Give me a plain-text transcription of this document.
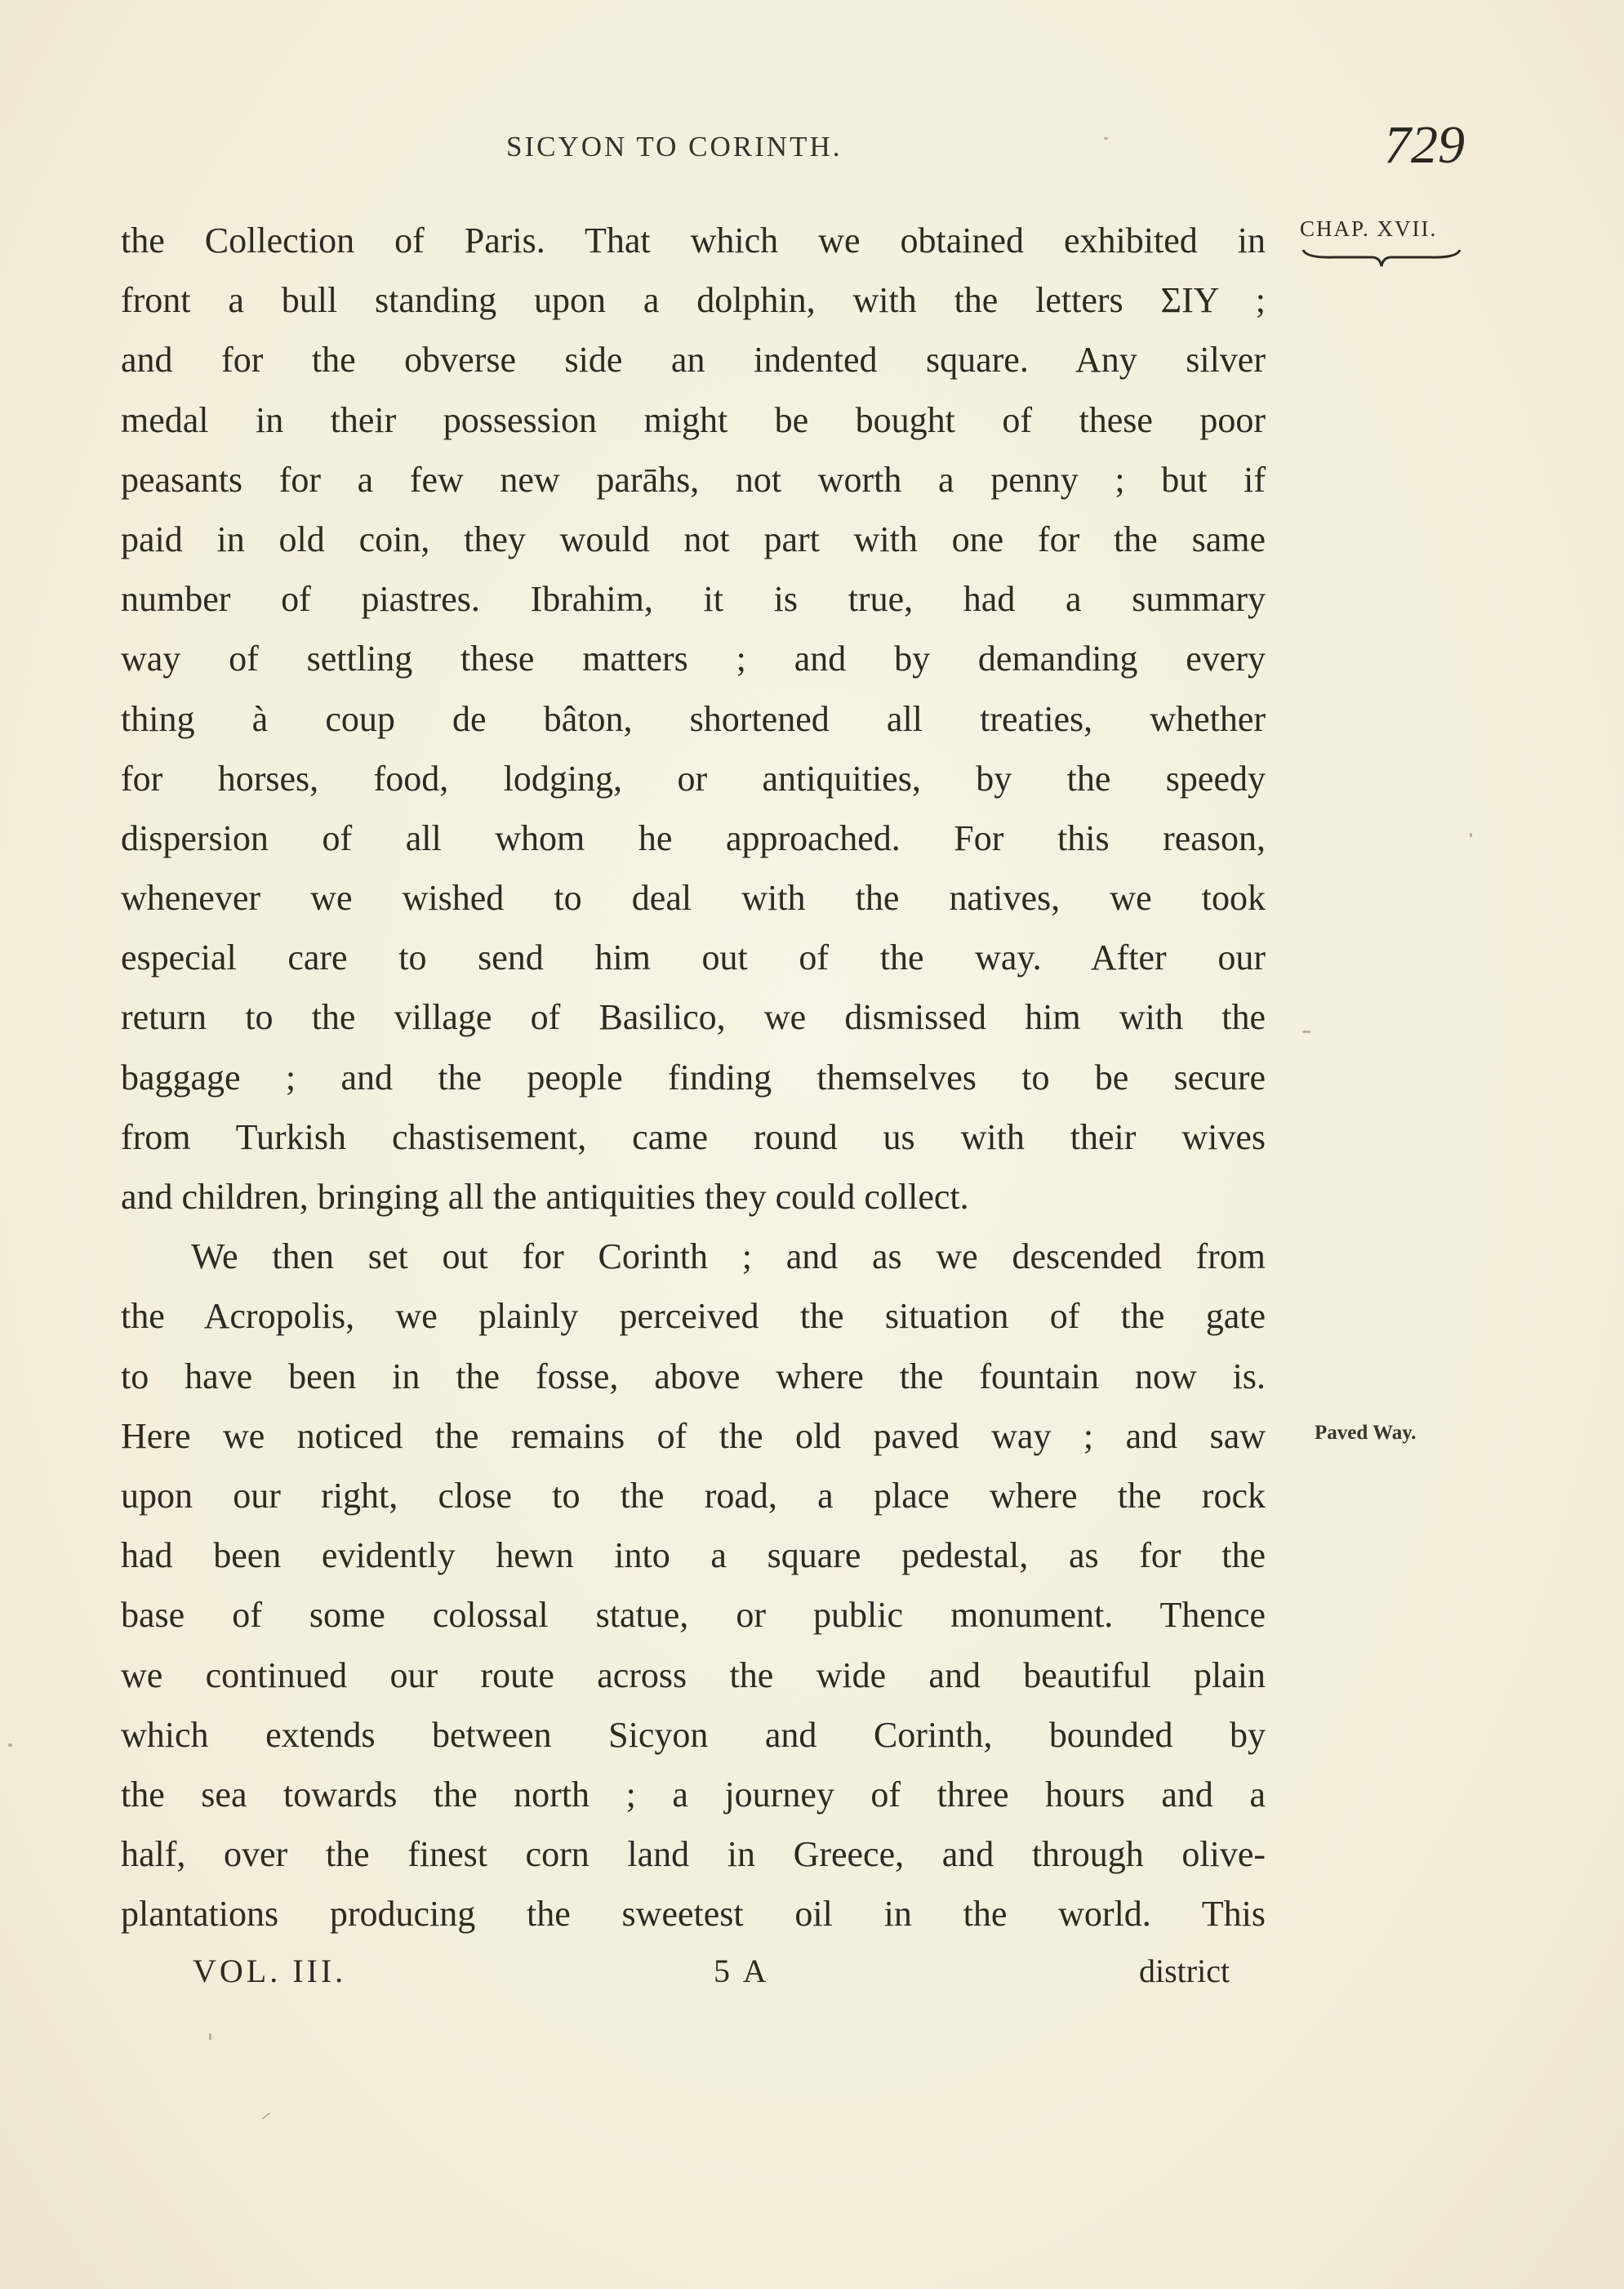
SICYON TO CORINTH.	729
CHAP. XVII.
Paved Way.
the Collection of Paris. That which we obtained exhibited in
front a bull standing upon a dolphin, with the letters ΣΙΥ ;
and for the obverse side an indented square. Any silver
medal in their possession might be bought of these poor
peasants for a few new parāhs, not worth a penny ; but if
paid in old coin, they would not part with one for the same
number of piastres. Ibrahim, it is true, had a summary
way of settling these matters ; and by demanding every
thing à coup de bâton, shortened all treaties, whether
for horses, food, lodging, or antiquities, by the speedy
dispersion of all whom he approached. For this reason,
whenever we wished to deal with the natives, we took
especial care to send him out of the way. After our
return to the village of Basilico, we dismissed him with the
baggage ; and the people finding themselves to be secure
from Turkish chastisement, came round us with their wives
and children, bringing all the antiquities they could collect.
We then set out for Corinth ; and as we descended from
the Acropolis, we plainly perceived the situation of the gate
to have been in the fosse, above where the fountain now is.
Here we noticed the remains of the old paved way ; and saw
upon our right, close to the road, a place where the rock
had been evidently hewn into a square pedestal, as for the
base of some colossal statue, or public monument. Thence
we continued our route across the wide and beautiful plain
which extends between Sicyon and Corinth, bounded by
the sea towards the north ; a journey of three hours and a
half, over the finest corn land in Greece, and through olive-
plantations producing the sweetest oil in the world. This
VOL. III.	5 A	district
